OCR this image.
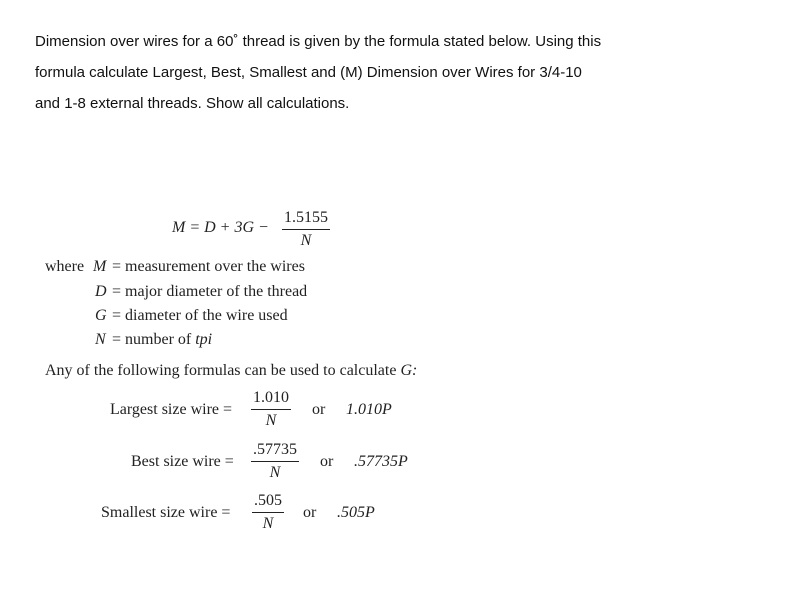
Dimension over wires for a 60˚ thread is given by the formula stated below. Using this
formula calculate Largest, Best, Smallest and (M) Dimension over Wires for 3/4-10
and 1-8 external threads. Show all calculations.
$M = D + 3G - \frac{1.5155}{N}$
where M = measurement over the wires
D = major diameter of the thread
G = diameter of the wire used
N = number of tpi
Any of the following formulas can be used to calculate G:
Largest size wire = $\frac{1.010}{N}$ or 1.010P
Best size wire = $\frac{.57735}{N}$ or .57735P
Smallest size wire = $\frac{.505}{N}$ or .505P
